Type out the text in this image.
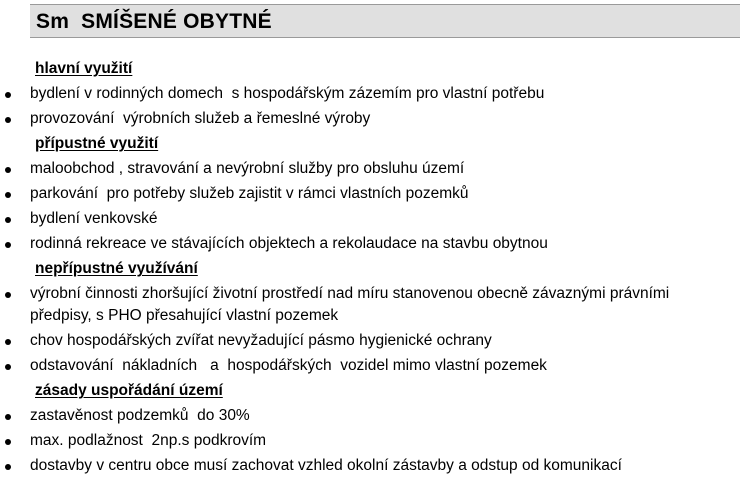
Sm  SMÍŠENÉ OBYTNÉ
hlavní využití
bydlení v rodinných domech  s hospodářským zázemím pro vlastní potřebu
provozování  výrobních služeb a řemeslné výroby
přípustné využití
maloobchod , stravování a nevýrobní služby pro obsluhu území
parkování  pro potřeby služeb zajistit v rámci vlastních pozemků
bydlení venkovské
rodinná rekreace ve stávajících objektech a rekolaudace na stavbu obytnou
nepřípustné využívání
výrobní činnosti zhoršující životní prostředí nad míru stanovenou obecně závaznými právními předpisy, s PHO přesahující vlastní pozemek
chov hospodářských zvířat nevyžadující pásmo hygienické ochrany
odstavování  nákladních   a  hospodářských  vozidel mimo vlastní pozemek
zásady uspořádání území
zastavěnost podzemků  do 30%
max. podlažnost  2np.s podkrovím
dostavby v centru obce musí zachovat vzhled okolní zástavby a odstup od komunikací
